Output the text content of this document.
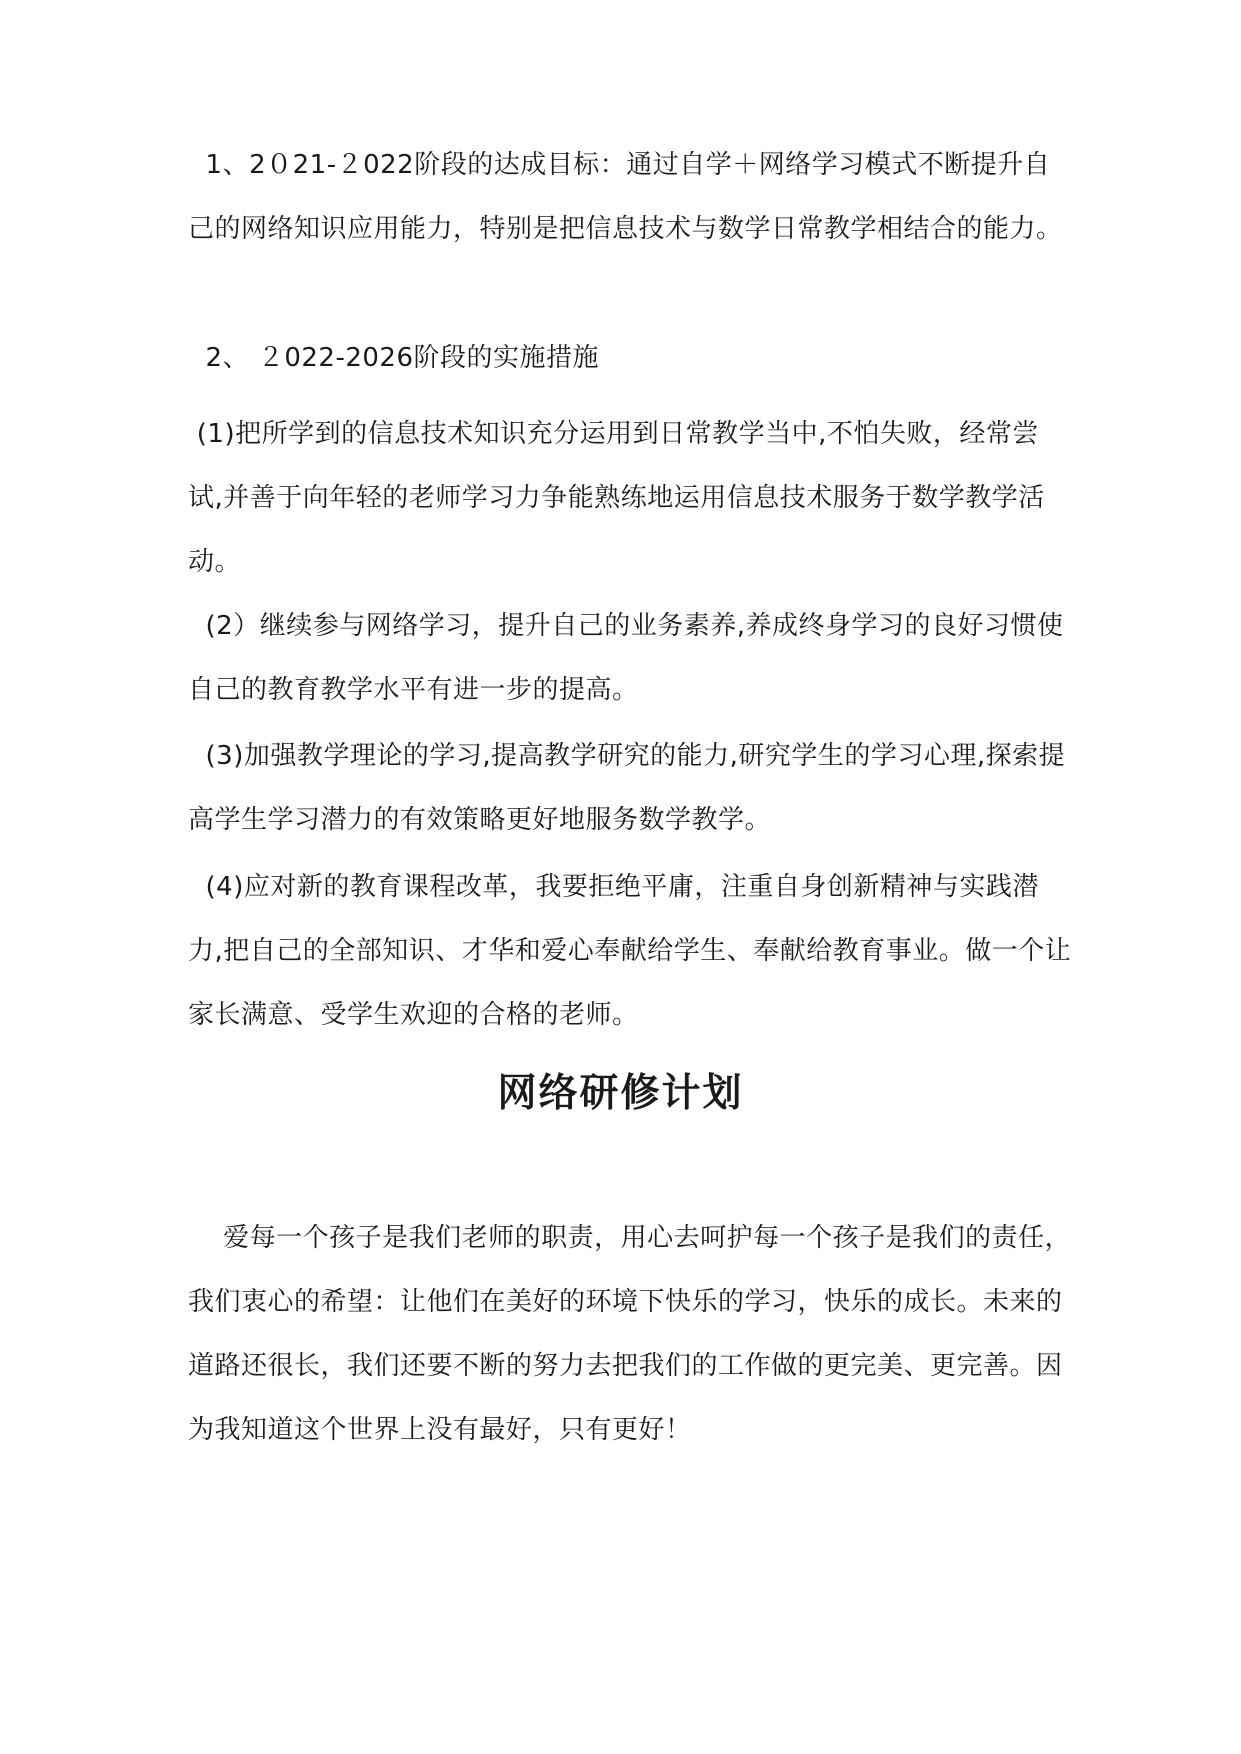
1、2０21-２022阶段的达成目标：通过自学＋网络学习模式不断提升自己的网络知识应用能力，特别是把信息技术与数学日常教学相结合的能力。
2、 ２022-2026阶段的实施措施
(1)把所学到的信息技术知识充分运用到日常教学当中,不怕失败，经常尝试,并善于向年轻的老师学习力争能熟练地运用信息技术服务于数学教学活动。
(2）继续参与网络学习，提升自己的业务素养,养成终身学习的良好习惯使自己的教育教学水平有进一步的提高。
(3)加强教学理论的学习,提高教学研究的能力,研究学生的学习心理,探索提高学生学习潜力的有效策略更好地服务数学教学。
(4)应对新的教育课程改革，我要拒绝平庸，注重自身创新精神与实践潜力,把自己的全部知识、才华和爱心奉献给学生、奉献给教育事业。做一个让家长满意、受学生欢迎的合格的老师。
网络研修计划
爱每一个孩子是我们老师的职责，用心去呵护每一个孩子是我们的责任，我们衷心的希望：让他们在美好的环境下快乐的学习，快乐的成长。未来的道路还很长，我们还要不断的努力去把我们的工作做的更完美、更完善。因为我知道这个世界上没有最好，只有更好！
